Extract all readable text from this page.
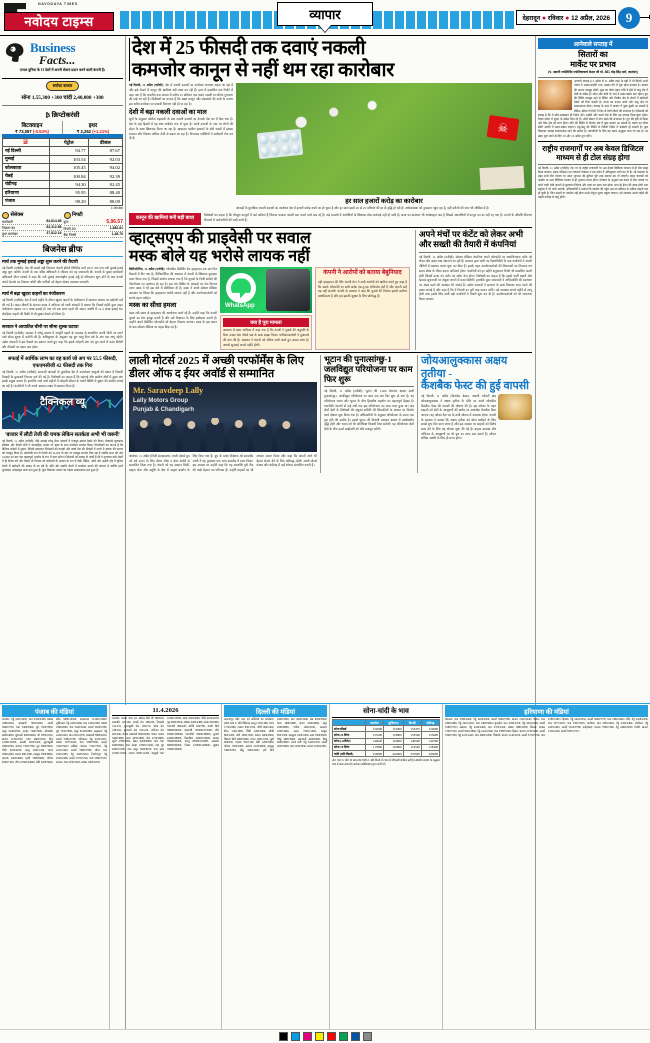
NAVODAYA TIMES
नवोदय टाइम्स	देहरादून ● रविवार ● 12 अप्रैल, 2026	9
व्यापार
₹ Business
Facts...
एप्पल दुनिया के 13 देशों में अपनी सेवाएं प्रदान करने वाली कंपनी है।
सर्राफा बाजार
सोना 1,55,300 +300 चांदी 2,40,000 +300
₿ क्रिप्टोकरंसी
बिटक्वाइन
₹ 73,087 (-0.53%)
इथर
₹ 2,262 (+1.21%)
⛽	पेट्रोल	डीजल
नई दिल्ली	94.77	87.67
मुम्बई	103.54	92.03
कोलकाता	105.45	94.02
चेन्नई	100.84	92.39
चंडीगढ़	94.30	82.45
हरियाणा	95.95	88.40
पंजाब	98.29	88.09
रु. प्रति लीटर
सेंसेक्स
कारोबारी	84,814.85
पिछला बंद	83,312.85
कुल कारोबार	37,812.16
निफ्टी
कुल	5,96.57
निफ्टी-50	1,682.81
बैंक निफ्टी	1,48.70
बिजनेस ब्रीफ
मार्च तक मुम्बई हवाई अड्डा शुरू करने की तैयारी
नई दिल्ली (एजेंसी): देश की सबसे बड़ी विमानन कंपनी इंडिगो लिमिटेड मार्च 2031 तक नया नवी मुम्बई हवाई अड्डा शुरू करेगी। कंपनी के एक वरिष्ठ अधिकारी ने रविवार को यह जानकारी दी। कंपनी के मुख्य कार्यकारी अधिकारी पीटर एल्बर्स ने कहा कि नवी मुम्बई अंतरराष्ट्रीय हवाई अड्डे से परिचालन शुरू होने के बाद कंपनी अपने नेटवर्क का विस्तार करेगी और यात्रियों को बेहतर सेवाएं उपलब्ध कराएगी।
मार्च में बढ़ा खुदरा वाहनों का पंजीकरण
नई दिल्ली (एजेंसी): देश में मार्च महीने के दौरान खुदरा वाहनों के पंजीकरण में सालाना आधार पर बढ़ोतरी दर्ज की गई है। वाहन डीलरों के संगठन फाडा ने शनिवार को जारी आंकड़ों में बताया कि पिछले महीने कुल वाहन पंजीकरण बढ़कर 22.5 लाख इकाई हो गया जो एक साल पहले की समान अवधि में 21.4 लाख इकाई था। दोपहिया वाहनों की बिक्री में भी सुधार देखने को मिला है।
सरकार ने आयातित चीनी पर सीमा शुल्क घटाया
नई दिल्ली (एजेंसी): सरकार ने घरेलू बाजार में आपूर्ति बढ़ाने के मकसद से आयातित कच्ची चीनी पर लगने वाले सीमा शुल्क में कटौती की है। अधिसूचना के अनुसार यह छूट चालू वित्त वर्ष के अंत तक लागू रहेगी। उद्योग संगठनों ने इस फैसले का स्वागत करते हुए कहा कि इससे त्योहारी मांग को पूरा करने में मदद मिलेगी और कीमतों पर दबाव कम होगा।
सफाई में आर्थिक लाभ का वह कार्य जो अप पर 55.5 फीसदी, एफएमसीजी 42 फीसदी तक गिरा
नई दिल्ली, 11 अप्रैल (एजेंसी): सरकारी आंकड़ों के मुताबिक देश में उपभोक्ता वस्तुओं की खपत में पिछली तिमाही के मुकाबले गिरावट दर्ज की गई है। विशेषज्ञों का कहना है कि महंगाई और ग्रामीण क्षेत्रों में सुस्त मांग इसके प्रमुख कारण हैं। हालांकि आने वाले महीनों में त्योहारी सीजन के चलते स्थिति में सुधार की उम्मीद जताई जा रही है। कंपनियों ने भी अपने उत्पादन लक्ष्य में बदलाव किया है।
टैक्निकल व्यू
'बाजार में लौटी तेजी की चमक लेकिन सतर्कता अभी भी जरूरी'
नई दिल्ली, 11 अप्रैल (एजेंसी): बीते सप्ताह घरेलू शेयर बाजारों में मजबूत उछाल देखने को मिला। बेंचमार्क सूचकांक सेंसेक्स और निफ्टी दोनों ने साप्ताहिक आधार पर बढ़त के साथ कारोबार समाप्त किया। विश्लेषकों का मानना है कि वैश्विक संकेतों में सुधार, विदेशी संस्थागत निवेशकों की वापसी और कच्चे तेल की कीमतों में नरमी ने बाजार की धारणा को मजबूत किया है। तकनीकी रूप से निफ्टी को 24,200 के स्तर पर मजबूत समर्थन मिल रहा है जबकि ऊपर की ओर 24,800 का स्तर एक महत्वपूर्ण अवरोध के रूप में काम करेगा। निवेशकों को सलाह दी जाती है कि वे गुणवत्ता वाले शेयरों में ही निवेश करें और किसी भी गिरावट को खरीदारी के अवसर के रूप में देखें। बैंकिंग, ऑटो और आईटी क्षेत्र में चुनिंदा शेयरों में खरीदारी की सलाह दी जा रही है। छोटे और मझोले शेयरों में सतर्कता बरतने की जरूरत है क्योंकि इनमें मूल्यांकन अपेक्षाकृत ऊंचा बना हुआ है। कुल मिलाकर बाजार का रुझान सकारात्मक बना हुआ है।
देश में 25 फीसदी तक दवाएं नकली
कमजोर कानून से नहीं थम रहा कारोबार
नई दिल्ली, 11 अप्रैल (एजेंसी): देश में नकली दवाओं का कारोबार लगातार बढ़ता जा रहा है और इसे रोकने में कानून की खामियां बड़ी बाधा बन रही हैं। हाल में प्रकाशित एक रिपोर्ट में कहा गया है कि भारतीय दवा बाजार में करीब 25 प्रतिशत तक दवाएं नकली या घटिया गुणवत्ता की पाई जा रही हैं। विशेषज्ञों का मानना है कि सख्त कानून और संसाधनों की कमी के कारण इस अवैध कारोबार पर प्रभावी नियंत्रण नहीं हो पा रहा है।
देशी में बढ़ा नकली दवाओं का माल
सूत्रों के अनुसार कोरोना महामारी के बाद नकली दवाओं का नेटवर्क देश भर में फैल गया है। देश के कई हिस्सों में यह धंधा संगठित रूप ले चुका है। जानी दवाओं के नाम पर लोगों की सेहत के साथ खिलवाड़ किया जा रहा है। खासकर ग्रामीण इलाकों के छोटे कस्बों में इसका प्रचलन और विस्तार अधिक तेजी से बढ़ता जा रहा है। नियामक एजेंसियों ने छापेमारी तेज कर दी है।
☠
हर साल हजारों करोड़ का कारोबार
आंकड़ों के मुताबिक नकली दवाओं का कारोबार देश में हजारों करोड़ रुपये का हो चुका है और हर साल इसमें 20 से 25 प्रतिशत की दर से वृद्धि हो रही है। अर्थव्यवस्था को नुकसान पहुंच रहा है, वहीं मरीजों की जान भी जोखिम में है।
कानून की खामियां बनी बड़ी बाधा
विशेषज्ञों का कहना है कि मौजूदा कानूनों में कई कमियां हैं जिनका फायदा नकली दवा बनाने वाले उठा रहे हैं। कई मामलों में आरोपियों के खिलाफ ठोस कार्रवाई नहीं हो पाती है। सजा का प्रावधान भी अपेक्षाकृत कम है जिससे अपराधियों में कानून का डर नहीं रह गया है। राज्यों के औषधि नियंत्रण विभागों में कर्मचारियों की भारी कमी है।
व्हाट्सएप की प्राइवेसी पर सवाल
मस्क बोले यह भरोसे लायक नहीं
कैलिफोर्निया, 11 अप्रैल (एजेंसी): लोकप्रिय मैसेजिंग ऐप व्हाट्सएप एक बार फिर विवादों में घिर गया है। कैलिफोर्निया की अदालत में कंपनी के खिलाफ मुकदमा दायर किया गया है, जिसमें आरोप लगाया गया है कि यूजर्स के निजी संदेशों की गोपनीयता का उल्लंघन हो रहा है। इस मंच देखिए के आंकड़ों पर टेक दिग्गज एलन मस्क ने भी इस बारे में प्रतिक्रिया दी है। मस्क ने अपने सोशल मीडिया अकाउंट पर लिखा कि व्हाट्सएप भरोसे लायक नहीं है और उपयोगकर्ताओं को सतर्क रहना चाहिए।
मस्क का सीधा हमला
मस्क लंबे समय से व्हाट्सएप की आलोचना करते रहे हैं। उन्होंने कहा कि कंपनी यूजर्स का डेटा इकट्ठा करती है और उसे विज्ञापन के लिए इस्तेमाल करती है। उन्होंने अपने मैसेजिंग प्लेटफॉर्म को बेहतर विकल्प बताया। मस्क के इस बयान के बाद सोशल मीडिया पर बहस छिड़ गई है।
WhatsApp
क्या है पूरा मामला
अदालत में दायर याचिका में कहा गया है कि कंपनी ने यूजर्स की अनुमति के बिना उनका डेटा तीसरे पक्ष के साथ साझा किया। याचिकाकर्ताओं ने मुआवजे की मांग की है। अदालत ने कंपनी को नोटिस जारी करते हुए जवाब मांगा है। अगली सुनवाई अगले महीने होगी।
कंपनी ने आरोपों को बताया बेबुनियाद
वहीं व्हाट्सएप की पेरेंट कंपनी मेटा ने सभी आरोपों को खारिज करते हुए कहा है कि उसके प्लेटफॉर्म पर सभी संदेश एंड-टू-एंड एन्क्रिप्टेड होते हैं और कंपनी उन्हें पढ़ नहीं सकती। कंपनी के प्रवक्ता ने कहा कि यूजर्स की निजता हमारी सर्वोच्च प्राथमिकता है और हम इसकी सुरक्षा के लिए प्रतिबद्ध हैं।
अपने मंचों पर कंटेंट को लेकर अभी और सख्ती की तैयारी में कंपनियां
नई दिल्ली, 11 अप्रैल (एजेंसी): सोशल मीडिया कंपनियां अपने प्लेटफॉर्म पर आपत्तिजनक कंटेंट को लेकर और सख्त रुख अपनाने जा रही हैं। सरकार द्वारा जारी नए दिशानिर्देशों के बाद कंपनियों ने अपनी नीतियों में बदलाव करना शुरू कर दिया है। इसके तहत उपयोगकर्ताओं की शिकायतों का निपटारा तय समय सीमा के भीतर करना अनिवार्य होगा। कंपनियों को हर महीने अनुपालन रिपोर्ट भी प्रकाशित करनी होगी जिसमें हटाए गए कंटेंट का ब्योरा देना होगा। विशेषज्ञों का कहना है कि इससे फर्जी खबरों और भ्रामक सूचनाओं पर अंकुश लगाने में मदद मिलेगी। हालांकि कुछ जानकारों ने अभिव्यक्ति की स्वतंत्रता पर असर पड़ने की आशंका भी जताई है। उद्योग संगठनों ने सरकार के साथ मिलकर काम करने की इच्छा जताई है और कहा है कि वे नियमों का पूरी तरह पालन करेंगे। नई व्यवस्था अगले महीने से लागू होगी तथा इसके लिए सभी बड़ी कंपनियों ने तैयारी शुरू कर दी है। उपयोगकर्ताओं को भी जागरूक किया जाएगा।
लाली मोटर्स 2025 में अच्छी परफॉर्मेंस के लिए डीलर ऑफ द ईयर अवॉर्ड से सम्मानित
Mr. Saravdeep Lally
Lally Motors Group
Punjab & Chandigarh
जालंधर, 11 अप्रैल (निजी संवाददाता): लाली मोटर्स ग्रुप को वर्ष 2025 के लिए डीलर ऑफ द ईयर अवॉर्ड से सम्मानित किया गया है। कंपनी को यह सम्मान बिक्री, ग्राहक सेवा और संतुष्टि के क्षेत्र में उत्कृष्ट प्रदर्शन के लिए दिया गया है। ग्रुप के प्रबंध निदेशक श्री सरवदीप लाली ने यह पुरस्कार एक भव्य समारोह में प्राप्त किया। इस अवसर पर उन्होंने कहा कि यह उपलब्धि पूरी टीम की कड़ी मेहनत का परिणाम है। उन्होंने ग्राहकों का भी आभार व्यक्त किया और कहा कि कंपनी आगे भी बेहतर सेवाएं देने के लिए प्रतिबद्ध रहेगी। लाली मोटर्स पंजाब और चंडीगढ़ में कई शोरूम संचालित करती है।
भूटान की पुनात्सांग्छु-1 जलविद्युत परियोजना पर काम फिर शुरू
नई दिल्ली, 11 अप्रैल (एजेंसी): भूटान की 1,200 मेगावाट क्षमता वाली पुनात्सांग्छु-1 जलविद्युत परियोजना पर काम एक बार फिर शुरू हो गया है। यह परियोजना भारत और भूटान के बीच द्विपक्षीय सहयोग का महत्वपूर्ण हिस्सा है। तकनीकी कारणों से कई वर्षों तक इस परियोजना का काम रुका हुआ था। अब दोनों देशों के विशेषज्ञों की संयुक्त समिति की सिफारिशों के आधार पर निर्माण कार्य दोबारा शुरू किया गया है। अधिकारियों के अनुसार परियोजना के 2030 तक पूरा होने की उम्मीद है। इससे भूटान की बिजली उत्पादन क्षमता में उल्लेखनीय वृद्धि होगी और भारत को भी अतिरिक्त बिजली मिल सकेगी। यह परियोजना दोनों देशों के बीच ऊर्जा साझेदारी को और मजबूत करेगी।
जोयआलुक्कास अक्षय तृतीया -
कैशबैक फेस्ट की हुई वापसी
नई दिल्ली, 11 अप्रैल (बिजनेस डेस्क): अग्रणी ज्वेलरी ब्रांड जोयआलुक्कास ने अक्षय तृतीया के मौके पर अपने लोकप्रिय कैशबैक फेस्ट की वापसी की घोषणा की है। इस ऑफर के तहत ग्राहकों को सोने के आभूषणों की खरीद पर आकर्षक कैशबैक दिया जाएगा। यह ऑफर देश भर के सभी शोरूम में उपलब्ध रहेगा। कंपनी के प्रवक्ता ने बताया कि अक्षय तृतीया को सोना खरीदने के लिए सबसे शुभ दिन माना जाता है और इस अवसर पर ग्राहकों को विशेष लाभ देने के लिए यह योजना शुरू की गई है। ग्राहक डायमंड और प्लेटिनम के आभूषणों पर भी छूट का लाभ उठा सकते हैं। ऑफर सीमित अवधि के लिए ही मान्य होगा।
आनेवाले सप्ताह में
सितारों का
मार्केट पर प्रभाव
(पं. अग्रणी ज्योतिर्विद ज्योतिषाचार्य केदार जी मो. 361 मोह सिंह मार्ग, जालंधर)
आगामी सप्ताह (15 अप्रैल से 21 अप्रैल तक) के ग्रहों में भी सितारे अपने पंचांग में अच्छा-बदलेंगे भाव, उसका दौर में शुरू होगा बदलाव है। बाजार की धारणा मजबूत रहेगी। शुक्र का गोचर वृषभ राशि में होने से धातु क्षेत्र में तेजी के संकेत हैं। सोना और चांदी के भाव में उतार-चढ़ाव बना रहेगा। बुध की स्थिति मजबूत रहने से बैंकिंग और वित्तीय क्षेत्र के शेयरों में खरीदारी देखने को मिल सकती है। मंगल का प्रभाव ऊर्जा और धातु क्षेत्र पर सकारात्मक रहेगा। सप्ताह के मध्य में बाजार में कुछ सुस्ती आ सकती है लेकिन अंतिम दो दिनों में फिर से तेजी लौटने की संभावना है। निवेशकों को सलाह है कि वे सोच-समझकर ही निवेश करें। आईटी और फार्मा क्षेत्र के लिए यह सप्ताह मिला-जुला रहेगा। रियल एस्टेट में सुधार के संकेत मिल रहे हैं। ऑटो सेक्टर में मांग बढ़ने की संभावना है। गुरु की दृष्टि से शिक्षा और वित्त क्षेत्र को लाभ होगा। शनि की स्थिति से निर्माण क्षेत्र में कुछ बाधाएं आ सकती हैं। चंद्रमा का गोचर छोटी अवधि में उतार-चढ़ाव लाएगा। राहु-केतु की स्थिति से विदेशी निवेश में बढ़ोतरी हो सकती है। कुल मिलाकर सप्ताह सकारात्मक रहने की उम्मीद है। व्यापारियों के लिए यह समय अनुकूल माना जा रहा है। नए उद्यम शुरू करने के लिए 18 और 19 अप्रैल शुभ रहेंगे।
राष्ट्रीय राजमार्गों पर अब केवल डिजिटल माध्यम से ही टोल संग्रह होगा
नई दिल्ली, 11 अप्रैल (एजेंसी): देश भर के राष्ट्रीय राजमार्गों पर अब केवल डिजिटल माध्यम से ही टोल संग्रह किया जाएगा। सड़क परिवहन एवं राजमार्ग मंत्रालय ने इस संबंध में अधिसूचना जारी कर दी है। नई व्यवस्था के तहत सभी टोल प्लाजा पर नकद भुगतान की सुविधा पूरी तरह समाप्त कर दी जाएगी। वाहन चालकों को फास्टैग या अन्य डिजिटल माध्यम से ही भुगतान करना होगा। मंत्रालय के अनुसार इस कदम से टोल प्लाजा पर लगने वाली लंबी कतारों से छुटकारा मिलेगा और यात्रा का समय कम होगा। साथ ही ईंधन की बचत होगी तथा प्रदूषण में भी कमी आएगी। अधिकारियों ने बताया कि फास्टैग की पहुंच अब 98 प्रतिशत से अधिक वाहनों तक हो चुकी है। जिन वाहनों पर फास्टैग नहीं होगा उनसे दोगुना शुल्क वसूला जाएगा। नई व्यवस्था अगले महीने की पहली तारीख से लागू होगी।
पंजाब की मंडियां
जालंधर: गेहूं 2425/2450, धान 2320/2380, मक्का 1980/2050, बासमती 3850/4200, सरसों 5600/5750, चना 5400/5600, मूंग 7200/7800, मसूर 6100/6350, अरहर 7400/7900, सोयाबीन 4600/4850, मूंगफली 6200/6600, जौ 1850/1950, बाजरा 2150/2250, ज्वार 2800/3100, तिल 12500/13200, अलसी 5200/5450, सूरजमुखी 6300/6700, कपास 7100/7500, गुड़ 3600/3850, चीनी 4100/4250, आलू 1200/1450, प्याज 1800/2200, टमाटर 900/1300, लहसुन 5500/6800, अदरक 4200/4900, हल्दी 7800/8400, धनिया 6500/7100, जीरा 22500/24000, मेथी 5200/5600, सौंफ 9800/10500, अजवायन 11200/12000। लुधियाना: गेहूं 2430/2460, धान 2340/2390, मक्का 1990/2060, चना 5420/5620, सरसों 5620/5780, मूंग 7250/7850, मसूर 6120/6380। अमृतसर: गेहूं 2420/2445, धान 2310/2370, बासमती 3880/4250, सरसों 5580/5730। पटियाला: गेहूं 2435/2455, मक्का 1975/2045, चना 5390/5580, अरहर 7420/7920। बठिंडा: कपास 7150/7550, गेहूं 2415/2440, सरसों 5600/5760। मोगा: धान 2325/2385, गेहूं 2428/2452। फिरोजपुर: गेहूं 2410/2438, सरसों 5570/5720, चना 5380/5570। संगरूर: धान 2330/2395, मक्का 1985/2055।
11.4.2026
जालंधर: बाजार भाव (11 अप्रैल) देसी घी 580/620, वनस्पति 145/160, सरसों तेल 168/182, रिफाइंड 142/155, सूरजमुखी तेल 158/172, सोया तेल 148/162, मूंगफली तेल 195/210, नारियल तेल 265/290, चावल बासमती 8200/9500, चावल परमल 3400/3800, आटा 2650/2800, मैदा 2720/2880, सूजी 2780/2950, बेसन 6200/6800, दाल चना 6400/6900, दाल अरहर 13500/15200, दाल मूंग 9200/10100, दाल मसूर 7400/8100, दाल उड़द 10200/11500, राजमा 9500/11200, काबुली चना 11000/13500, खांड 4350/4500, चीनी 4100/4250, गुड़ 3600/3850, शक्कर 4200/4380, नमक 850/980, चायपत्ती 280/420, कॉफी 620/780, काली मिर्च 58000/64000, इलायची 185000/215000, लौंग 95000/108000, दालचीनी 32000/38000, सुपारी 42000/48000, किशमिश 24000/32000, बादाम 78000/92000, काजू 85000/105000, अखरोट 68000/82000, पिस्ता 125000/148000, छुहारा 18000/24000।
दिल्ली की मंडियां
आजादपुर मंडी: फल एवं सब्जियों का कारोबार। (थोक भाव रु. प्रति क्विंटल) आलू 1150/1480, प्याज 1750/2280, टमाटर 850/1350, गोभी 900/1400, बैंगन 1100/1600, भिंडी 2200/2900, लौकी 800/1200, तोरी 1000/1500, करेला 2000/2600, शिमला मिर्च 2800/3600, गाजर 1200/1700, मूली 600/950, पालक 700/1100, मेथी 1200/1800, धनिया 1500/2400, अदरक 4100/4800, लहसुन 5400/6700, नींबू 3200/4500, हरी मिर्च 2400/3300, मटर 2600/3400, सेब 6500/9500, केला 1800/2600, संतरा 3200/4600, अंगूर 4500/6800, पपीता 1400/2100, अमरूद 2200/3400, अनार 7500/11000, तरबूज 900/1500, खरबूजा 1200/1900, आम 5500/8500, चीकू 2800/3900, नाशपाती 4200/6000, किन्नू 2600/3800। नरेला मंडी: गेहूं 2440/2470, सरसों 5650/5800, चना 5450/5650, बाजरा 2180/2280।
सोना-चांदी के भाव
	जालंधर	लुधियाना	दिल्ली	चंडीगढ़
सोना स्टैंडर्ड	152000	151000	153475	154600
सोना 24 कैरेट	155500	153800	153500	155000
सोना (22कैरेट)	144620	143600	140500	142500
सोना 18 कैरेट	117860	116800	116500	118400
चांदी (प्रति किलो)	250000	242000	237000	245000
नोट: भाव रु. प्रति 10 ग्राम तथा चांदी रु. प्रति किलो में। भाव में जीएसटी शामिल नहीं है। स्थानीय बाजार के अनुसार भाव में अंतर संभव है। सर्राफा एसोसिएशन द्वारा जारी दरें।
हरियाणा की मंडियां
करनाल: धान 2380/2460, गेहूं 2420/2450, सरसों 5600/5780, बाजरा 2120/2240। कैथल: धान 2400/2480, गेहूं 2425/2455, चना 5400/5600। कुरुक्षेत्र: धान 2390/2470, गेहूं 2418/2448, सरसों 5580/5750। अंबाला: गेहूं 2430/2460, धान 2370/2450, मक्का 1980/2050। सिरसा: कपास 7100/7520, सरसों 5620/5800, गेहूं 2410/2440, चना 5380/5590। हिसार: बाजरा 2150/2260, सरसों 5590/5760, गेहूं 2415/2445, ग्वार 4800/5200। भिवानी: बाजरा 2140/2250, सरसों 5570/5740, ग्वार 4780/5180। रोहतक: गेहूं 2422/2452, सरसों 5600/5770, धान 2360/2440। जींद: गेहूं 2428/2458, धान 2375/2455, चना 5395/5595। पानीपत: धान 2385/2465, गेहूं 2432/2462। सोनीपत: गेहूं 2435/2465, सरसों 5610/5790। फतेहाबाद: कपास 7080/7490, गेहूं 2408/2438। रेवाड़ी: बाजरा 2130/2240, सरसों 5585/5755।
